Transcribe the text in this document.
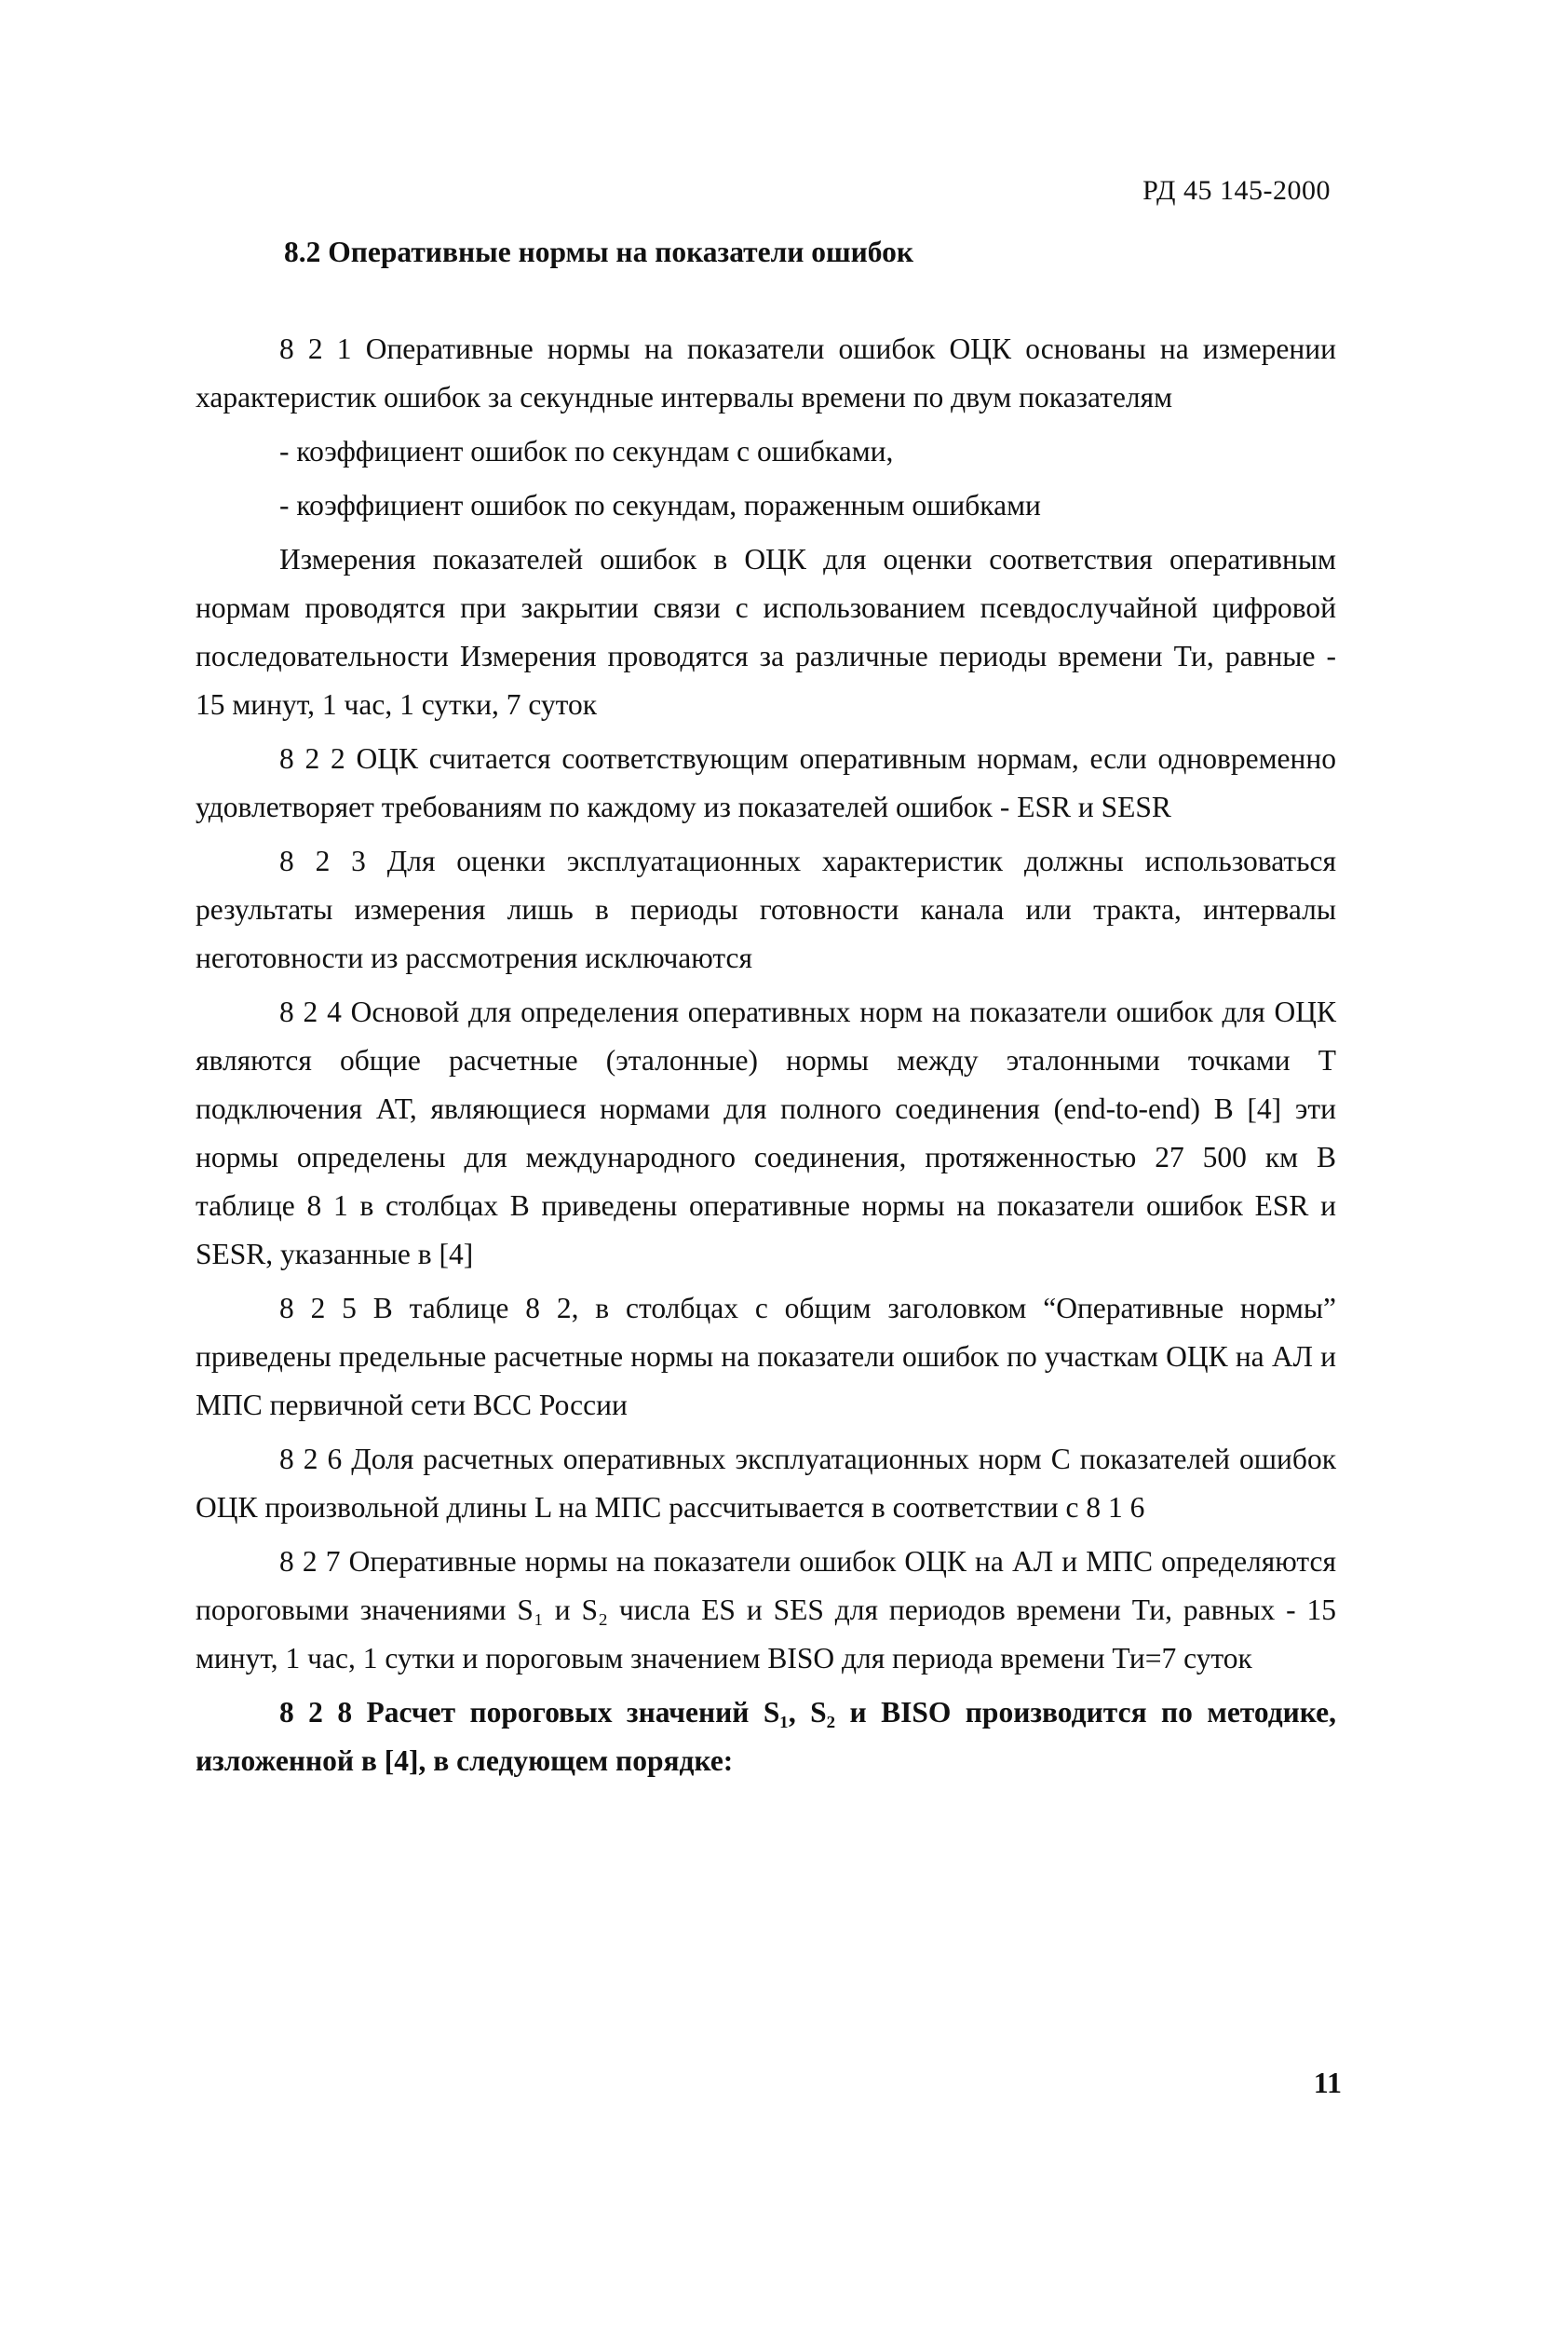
РД 45 145-2000
8.2 Оперативные нормы на показатели ошибок

8 2 1 Оперативные нормы на показатели ошибок ОЦК основаны на измерении характеристик ошибок за секундные интервалы времени по двум показателям

- коэффициент ошибок по секундам с ошибками,

- коэффициент ошибок по секундам, пораженным ошибками

Измерения показателей ошибок в ОЦК для оценки соответствия оперативным нормам проводятся при закрытии связи с использованием псевдослучайной цифровой последовательности Измерения проводятся за различные периоды времени Ти, равные - 15 минут, 1 час, 1 сутки, 7 суток

8 2 2 ОЦК считается соответствующим оперативным нормам, если одновременно удовлетворяет требованиям по каждому из показателей ошибок - ESR и SESR

8 2 3 Для оценки эксплуатационных характеристик должны использоваться результаты измерения лишь в периоды готовности канала или тракта, интервалы неготовности из рассмотрения исключаются

8 2 4 Основой для определения оперативных норм на показатели ошибок для ОЦК являются общие расчетные (эталонные) нормы между эталонными точками Т подключения АТ, являющиеся нормами для полного соединения (end-to-end) В [4] эти нормы определены для международного соединения, протяженностью 27 500 км В таблице 8 1 в столбцах В приведены оперативные нормы на показатели ошибок ESR и SESR, указанные в [4]

8 2 5 В таблице 8 2, в столбцах с общим заголовком “Оперативные нормы” приведены предельные расчетные нормы на показатели ошибок по участкам ОЦК на АЛ и МПС первичной сети ВСС России

8 2 6 Доля расчетных оперативных эксплуатационных норм С показателей ошибок ОЦК произвольной длины L на МПС рассчитывается в соответствии с 8 1 6

8 2 7 Оперативные нормы на показатели ошибок ОЦК на АЛ и МПС определяются пороговыми значениями S₁ и S₂ числа ES и SES для периодов времени Ти, равных - 15 минут, 1 час, 1 сутки и пороговым значением BISO для периода времени Ти=7 суток

8 2 8 Расчет пороговых значений S₁, S₂ и BISO производится по методике, изложенной в [4], в следующем порядке:

11
